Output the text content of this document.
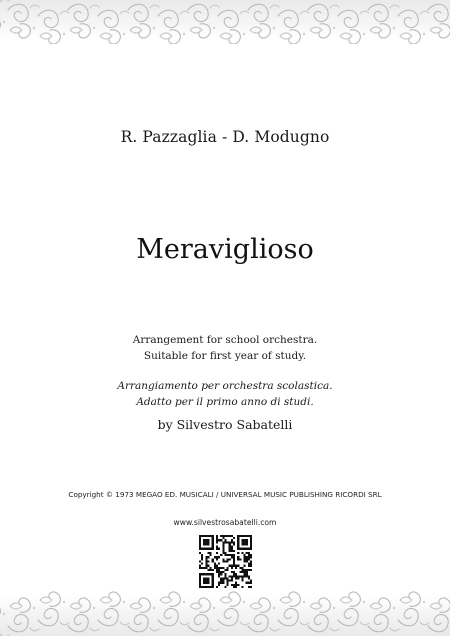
R. Pazzaglia - D. Modugno
Meraviglioso
Arrangement for school orchestra.
Suitable for first year of study.
Arrangiamento per orchestra scolastica.
Adatto per il primo anno di studi.
by Silvestro Sabatelli
Copyright © 1973 MEGAO ED. MUSICALI / UNIVERSAL MUSIC PUBLISHING RICORDI SRL
www.silvestrosabatelli.com
